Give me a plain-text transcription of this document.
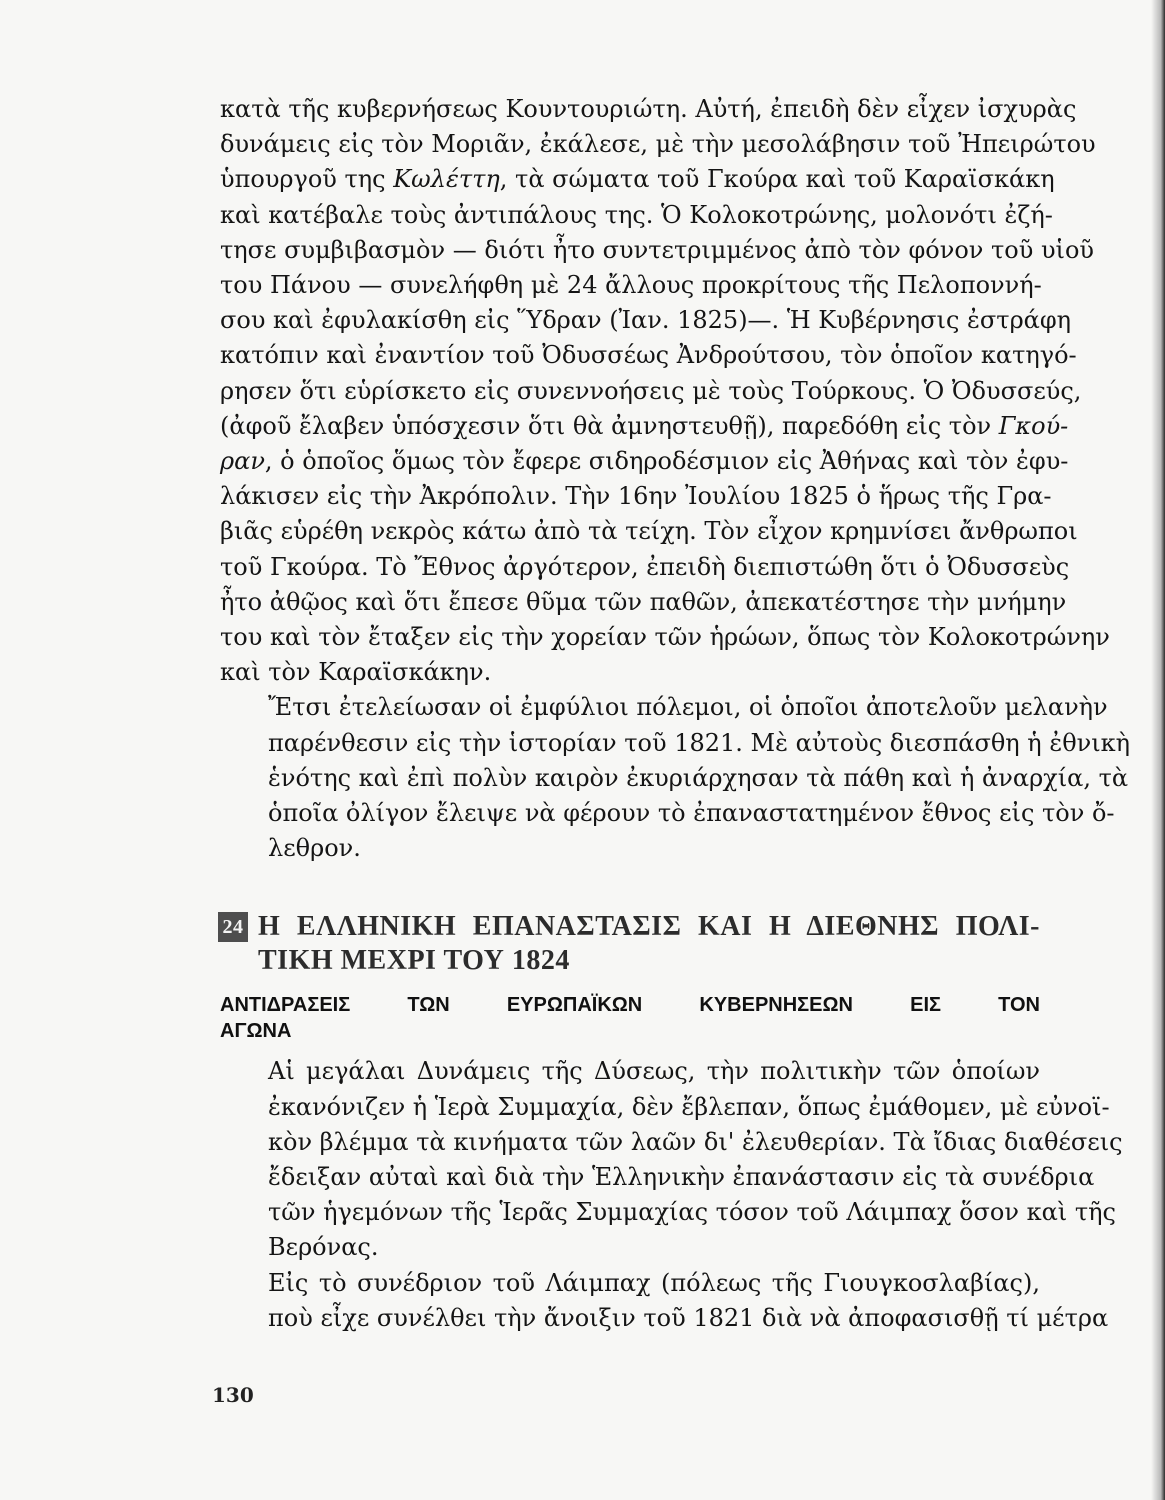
κατὰ τῆς κυβερνήσεως Κουντουριώτη. Αὐτή, ἐπειδὴ δὲν εἶχεν ἰσχυρὰς
δυνάμεις εἰς τὸν Μοριᾶν, ἐκάλεσε, μὲ τὴν μεσολάβησιν τοῦ Ἠπειρώτου
ὑπουργοῦ της Κωλέττη, τὰ σώματα τοῦ Γκούρα καὶ τοῦ Καραϊσκάκη
καὶ κατέβαλε τοὺς ἀντιπάλους της. Ὁ Κολοκοτρώνης, μολονότι ἐζή-
τησε συμβιβασμὸν — διότι ἦτο συντετριμμένος ἀπὸ τὸν φόνον τοῦ υἱοῦ
του Πάνου — συνελήφθη μὲ 24 ἄλλους προκρίτους τῆς Πελοποννή-
σου καὶ ἐφυλακίσθη εἰς Ὕδραν (Ἰαν. 1825)—. Ἡ Κυβέρνησις ἐστράφη
κατόπιν καὶ ἐναντίον τοῦ Ὀδυσσέως Ἀνδρούτσου, τὸν ὁποῖον κατηγό-
ρησεν ὅτι εὑρίσκετο εἰς συνεννοήσεις μὲ τοὺς Τούρκους. Ὁ Ὀδυσσεύς,
(ἀφοῦ ἔλαβεν ὑπόσχεσιν ὅτι θὰ ἀμνηστευθῇ), παρεδόθη εἰς τὸν Γκού-
ραν, ὁ ὁποῖος ὅμως τὸν ἔφερε σιδηροδέσμιον εἰς Ἀθήνας καὶ τὸν ἐφυ-
λάκισεν εἰς τὴν Ἀκρόπολιν. Τὴν 16ην Ἰουλίου 1825 ὁ ἥρως τῆς Γρα-
βιᾶς εὑρέθη νεκρὸς κάτω ἀπὸ τὰ τείχη. Τὸν εἶχον κρημνίσει ἄνθρωποι
τοῦ Γκούρα. Τὸ Ἔθνος ἀργότερον, ἐπειδὴ διεπιστώθη ὅτι ὁ Ὀδυσσεὺς
ἦτο ἀθῷος καὶ ὅτι ἔπεσε θῦμα τῶν παθῶν, ἀπεκατέστησε τὴν μνήμην
του καὶ τὸν ἔταξεν εἰς τὴν χορείαν τῶν ἡρώων, ὅπως τὸν Κολοκοτρώνην
καὶ τὸν Καραϊσκάκην.
Ἔτσι ἐτελείωσαν οἱ ἐμφύλιοι πόλεμοι, οἱ ὁποῖοι ἀποτελοῦν μελανὴν
παρένθεσιν εἰς τὴν ἱστορίαν τοῦ 1821. Μὲ αὐτοὺς διεσπάσθη ἡ ἐθνικὴ
ἑνότης καὶ ἐπὶ πολὺν καιρὸν ἐκυριάρχησαν τὰ πάθη καὶ ἡ ἀναρχία, τὰ
ὁποῖα ὀλίγον ἔλειψε νὰ φέρουν τὸ ἐπαναστατημένον ἔθνος εἰς τὸν ὄ-
λεθρον.
24 Η ΕΛΛΗΝΙΚΗ ΕΠΑΝΑΣΤΑΣΙΣ ΚΑΙ Η ΔΙΕΘΝΗΣ ΠΟΛΙ-
ΤΙΚΗ ΜΕΧΡΙ ΤΟΥ 1824
ΑΝΤΙΔΡΑΣΕΙΣ ΤΩΝ ΕΥΡΩΠΑΪΚΩΝ ΚΥΒΕΡΝΗΣΕΩΝ ΕΙΣ ΤΟΝ
ΑΓΩΝΑ
Αἱ μεγάλαι Δυνάμεις τῆς Δύσεως, τὴν πολιτικὴν τῶν ὁποίων
ἐκανόνιζεν ἡ Ἱερὰ Συμμαχία, δὲν ἔβλεπαν, ὅπως ἐμάθομεν, μὲ εὐνοϊ-
κὸν βλέμμα τὰ κινήματα τῶν λαῶν δι' ἐλευθερίαν. Τὰ ἴδιας διαθέσεις
ἔδειξαν αὐταὶ καὶ διὰ τὴν Ἑλληνικὴν ἐπανάστασιν εἰς τὰ συνέδρια
τῶν ἡγεμόνων τῆς Ἱερᾶς Συμμαχίας τόσον τοῦ Λάιμπαχ ὅσον καὶ τῆς
Βερόνας.
Εἰς τὸ συνέδριον τοῦ Λάιμπαχ (πόλεως τῆς Γιουγκοσλαβίας),
ποὺ εἶχε συνέλθει τὴν ἄνοιξιν τοῦ 1821 διὰ νὰ ἀποφασισθῇ τί μέτρα
130
